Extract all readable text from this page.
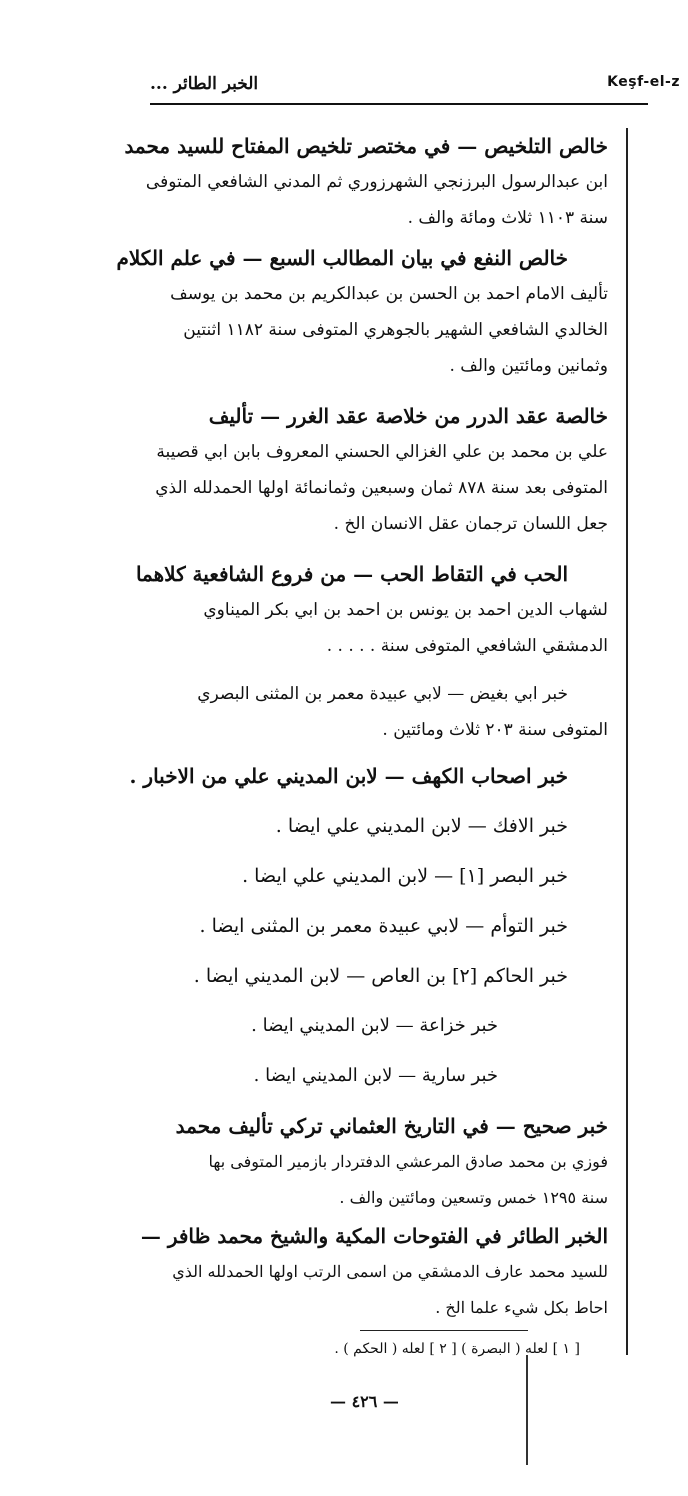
الخبر الطائر ...	Keşf-el-z
خالص التلخيص — في مختصر تلخيص المفتاح للسيد محمد
ابن عبدالرسول البرزنجي الشهرزوري ثم المدني الشافعي المتوفى
سنة ١١٠٣ ثلاث ومائة والف .
خالص النفع في بيان المطالب السبع — في علم الكلام
تأليف الامام احمد بن الحسن بن عبدالكريم بن محمد بن يوسف
الخالدي الشافعي الشهير بالجوهري المتوفى سنة ١١٨٢ اثنتين
وثمانين ومائتين والف .
خالصة عقد الدرر من خلاصة عقد الغرر — تأليف
علي بن محمد بن علي الغزالي الحسني المعروف بابن ابي قصيبة
المتوفى بعد سنة ٨٧٨ ثمان وسبعين وثمانمائة اولها الحمدلله الذي
جعل اللسان ترجمان عقل الانسان الخ .
الحب في التقاط الحب — من فروع الشافعية كلاهما
لشهاب الدين احمد بن يونس بن احمد بن ابي بكر الميناوي
الدمشقي الشافعي المتوفى سنة . . . . .
خبر ابي بغيض — لابي عبيدة معمر بن المثنى البصري
المتوفى سنة ٢٠٣ ثلاث ومائتين .
خبر اصحاب الكهف — لابن المديني علي من الاخبار .
خبر الافك — لابن المديني علي ايضا .
خبر البصر [١] — لابن المديني علي ايضا .
خبر التوأم — لابي عبيدة معمر بن المثنى ايضا .
خبر الحاكم [٢] بن العاص — لابن المديني ايضا .
خبر خزاعة — لابن المديني ايضا .
خبر سارية — لابن المديني ايضا .
خبر صحيح — في التاريخ العثماني تركي تأليف محمد
فوزي بن محمد صادق المرعشي الدفتردار بازمير المتوفى بها
سنة ١٢٩٥ خمس وتسعين ومائتين والف .
الخبر الطائر في الفتوحات المكية والشيخ محمد ظافر —
للسيد محمد عارف الدمشقي من اسمى الرتب اولها الحمدلله الذي
احاط بكل شيء علما الخ .
[ ١ ] لعله ( البصرة ) [ ٢ ] لعله ( الحكم ) .
— ٤٢٦ —
